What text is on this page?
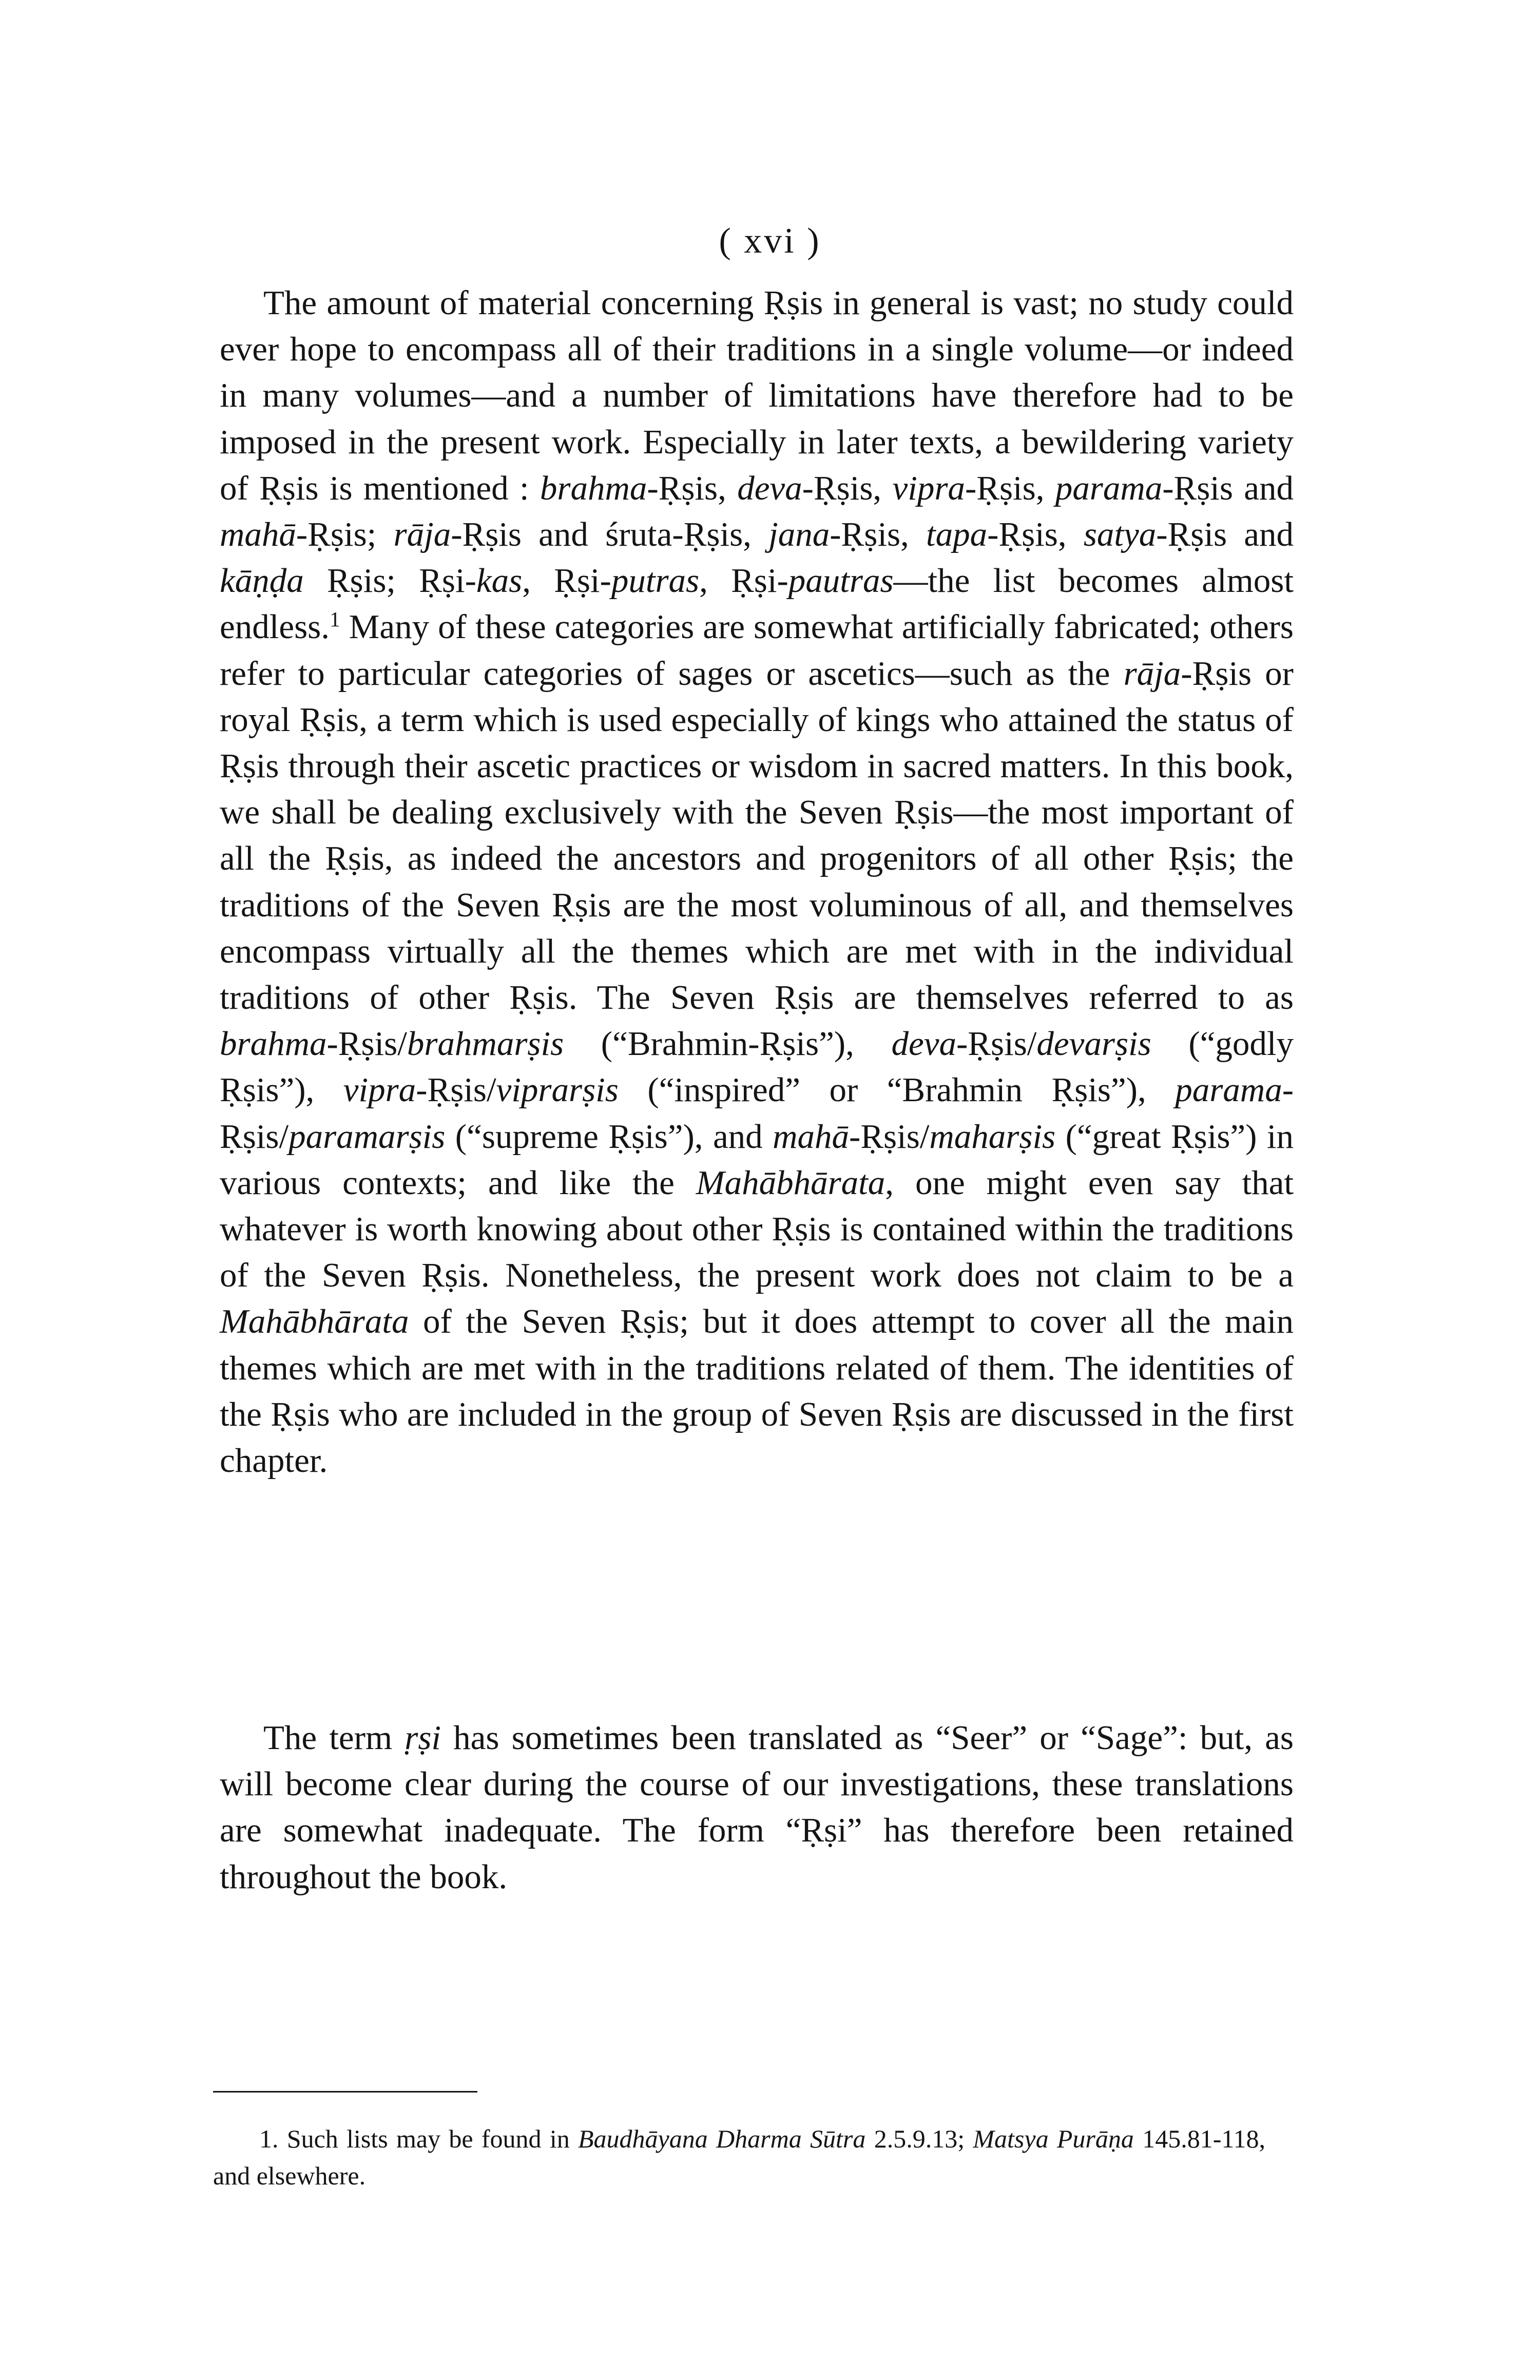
( xvi )

The amount of material concerning Ṛṣis in general is vast; no study could ever hope to encompass all of their traditions in a single volume—or indeed in many volumes—and a number of limitations have therefore had to be imposed in the present work. Especially in later texts, a bewildering variety of Ṛṣis is mentioned : brahma-Ṛṣis, deva-Ṛṣis, vipra-Ṛṣis, parama-Ṛṣis and mahā-Ṛṣis; rāja-Ṛṣis and śruta-Ṛṣis, jana-Ṛṣis, tapa-Ṛṣis, satya-Ṛṣis and kāṇḍa Ṛṣis; Ṛṣi-kas, Ṛṣi-putras, Ṛṣi-pautras—the list becomes almost endless.$^1$ Many of these categories are somewhat artificially fabricated; others refer to particular categories of sages or ascetics—such as the rāja-Ṛṣis or royal Ṛṣis, a term which is used especially of kings who attained the status of Ṛṣis through their ascetic practices or wisdom in sacred matters. In this book, we shall be dealing exclusively with the Seven Ṛṣis—the most important of all the Ṛṣis, as indeed the ancestors and progenitors of all other Ṛṣis; the traditions of the Seven Ṛṣis are the most voluminous of all, and themselves encompass virtually all the themes which are met with in the individual traditions of other Ṛṣis. The Seven Ṛṣis are themselves referred to as brahma-Ṛṣis/brahmarṣis (“Brahmin-Ṛṣis”), deva-Ṛṣis/devarṣis (“godly Ṛṣis”), vipra-Ṛṣis/viprarṣis (“inspired” or “Brahmin Ṛṣis”), parama-Ṛṣis/paramarṣis (“supreme Ṛṣis”), and mahā-Ṛṣis/maharṣis (“great Ṛṣis”) in various contexts; and like the Mahābhārata, one might even say that whatever is worth knowing about other Ṛṣis is contained within the traditions of the Seven Ṛṣis. Nonetheless, the present work does not claim to be a Mahābhārata of the Seven Ṛṣis; but it does attempt to cover all the main themes which are met with in the traditions related of them. The identities of the Ṛṣis who are included in the group of Seven Ṛṣis are discussed in the first chapter.

The term ṛṣi has sometimes been translated as “Seer” or “Sage”: but, as will become clear during the course of our investigations, these translations are somewhat inadequate. The form “Ṛṣi” has therefore been retained throughout the book.

1. Such lists may be found in Baudhāyana Dharma Sūtra 2.5.9.13; Matsya Purāṇa 145.81-118, and elsewhere.
